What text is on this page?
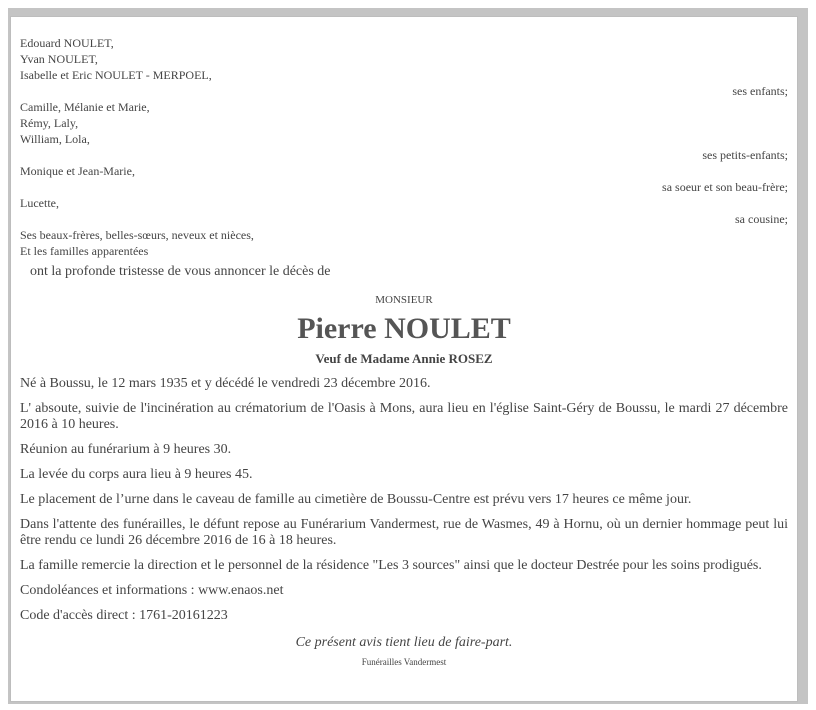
Edouard NOULET,
Yvan NOULET,
Isabelle et Eric NOULET - MERPOEL,
ses enfants;
Camille, Mélanie et Marie,
Rémy, Laly,
William, Lola,
ses petits-enfants;
Monique et Jean-Marie,
sa soeur et son beau-frère;
Lucette,
sa cousine;
Ses beaux-frères, belles-sœurs, neveux et nièces,
Et les familles apparentées
ont la profonde tristesse de vous annoncer le décès de
MONSIEUR
Pierre NOULET
Veuf de Madame Annie ROSEZ
Né à Boussu, le 12 mars 1935 et y décédé le vendredi 23 décembre 2016.
L' absoute, suivie de l'incinération au crématorium de l'Oasis à Mons, aura lieu en l'église Saint-Géry de Boussu, le mardi 27 décembre 2016 à 10 heures.
Réunion au funérarium à 9 heures 30.
La levée du corps aura lieu à 9 heures 45.
Le placement de l’urne dans le caveau de famille au cimetière de Boussu-Centre est prévu vers 17 heures ce même jour.
Dans l'attente des funérailles, le défunt repose au Funérarium Vandermest, rue de Wasmes, 49 à Hornu, où un dernier hommage peut lui être rendu ce lundi 26 décembre 2016 de 16 à 18 heures.
La famille remercie la direction et le personnel de la résidence "Les 3 sources" ainsi que le docteur Destrée pour les soins prodigués.
Condoléances et informations : www.enaos.net
Code d'accès direct : 1761-20161223
Ce présent avis tient lieu de faire-part.
Funérailles Vandermest
